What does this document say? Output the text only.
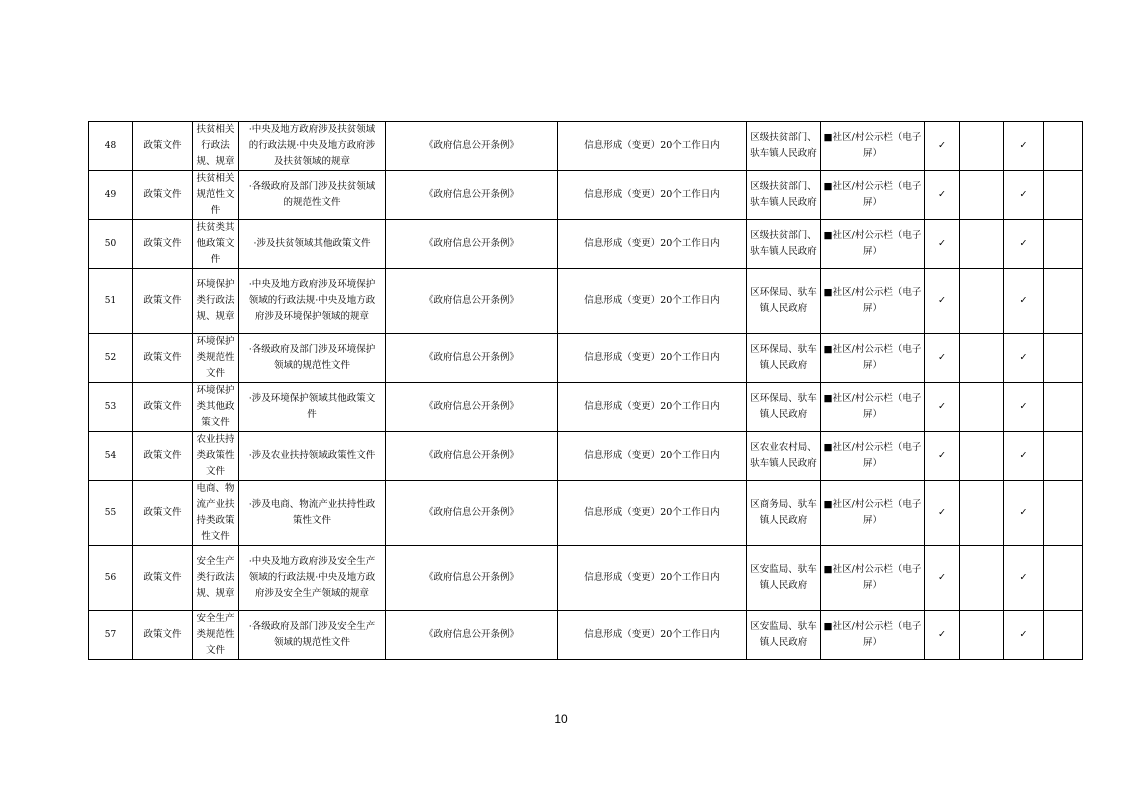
48	政策文件	扶贫相关行政法规、规章	·中央及地方政府涉及扶贫领域的行政法规·中央及地方政府涉及扶贫领域的规章	《政府信息公开条例》	信息形成（变更）20个工作日内	区级扶贫部门、驮车镇人民政府	■社区/村公示栏（电子屏）	✓		✓	
49	政策文件	扶贫相关规范性文件	·各级政府及部门涉及扶贫领域的规范性文件	《政府信息公开条例》	信息形成（变更）20个工作日内	区级扶贫部门、驮车镇人民政府	■社区/村公示栏（电子屏）	✓		✓	
50	政策文件	扶贫类其他政策文件	·涉及扶贫领域其他政策文件	《政府信息公开条例》	信息形成（变更）20个工作日内	区级扶贫部门、驮车镇人民政府	■社区/村公示栏（电子屏）	✓		✓	
51	政策文件	环境保护类行政法规、规章	·中央及地方政府涉及环境保护领域的行政法规·中央及地方政府涉及环境保护领域的规章	《政府信息公开条例》	信息形成（变更）20个工作日内	区环保局、驮车镇人民政府	■社区/村公示栏（电子屏）	✓		✓	
52	政策文件	环境保护类规范性文件	·各级政府及部门涉及环境保护领域的规范性文件	《政府信息公开条例》	信息形成（变更）20个工作日内	区环保局、驮车镇人民政府	■社区/村公示栏（电子屏）	✓		✓	
53	政策文件	环境保护类其他政策文件	·涉及环境保护领域其他政策文件	《政府信息公开条例》	信息形成（变更）20个工作日内	区环保局、驮车镇人民政府	■社区/村公示栏（电子屏）	✓		✓	
54	政策文件	农业扶持类政策性文件	·涉及农业扶持领域政策性文件	《政府信息公开条例》	信息形成（变更）20个工作日内	区农业农村局、驮车镇人民政府	■社区/村公示栏（电子屏）	✓		✓	
55	政策文件	电商、物流产业扶持类政策性文件	·涉及电商、物流产业扶持性政策性文件	《政府信息公开条例》	信息形成（变更）20个工作日内	区商务局、驮车镇人民政府	■社区/村公示栏（电子屏）	✓		✓	
56	政策文件	安全生产类行政法规、规章	·中央及地方政府涉及安全生产领域的行政法规·中央及地方政府涉及安全生产领域的规章	《政府信息公开条例》	信息形成（变更）20个工作日内	区安监局、驮车镇人民政府	■社区/村公示栏（电子屏）	✓		✓	
57	政策文件	安全生产类规范性文件	·各级政府及部门涉及安全生产领域的规范性文件	《政府信息公开条例》	信息形成（变更）20个工作日内	区安监局、驮车镇人民政府	■社区/村公示栏（电子屏）	✓		✓	
10
